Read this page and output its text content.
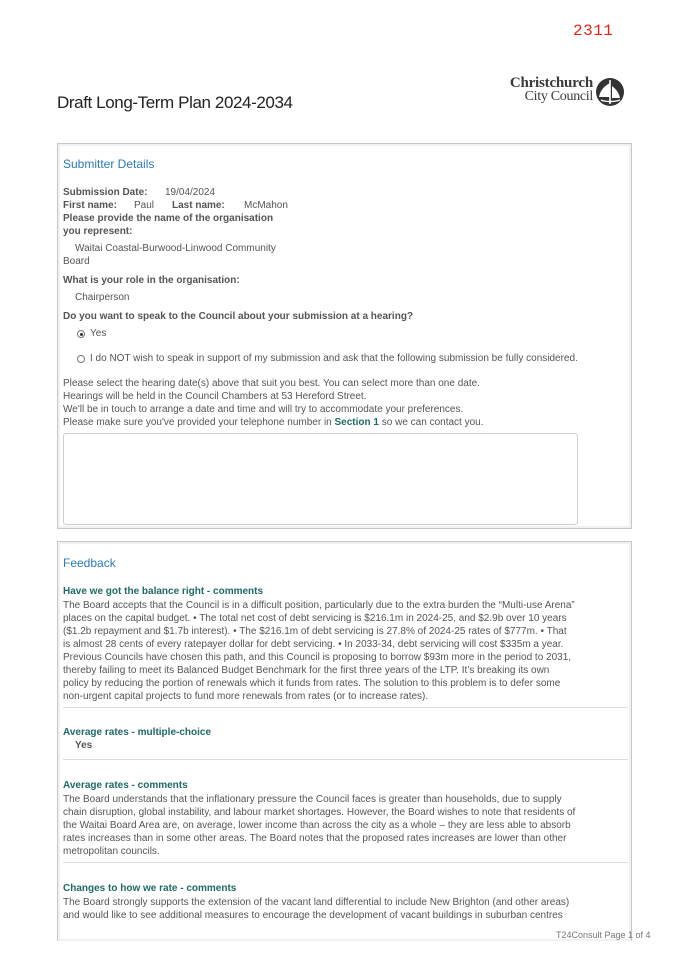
2311
Christchurch
City Council
Draft Long-Term Plan 2024-2034
Submitter Details
Submission Date: 19/04/2024
First name: Paul Last name: McMahon
Please provide the name of the organisation
you represent:
Waitai Coastal-Burwood-Linwood Community
Board
What is your role in the organisation:
Chairperson
Do you want to speak to the Council about your submission at a hearing?
Yes
I do NOT wish to speak in support of my submission and ask that the following submission be fully considered.
Please select the hearing date(s) above that suit you best. You can select more than one date.
Hearings will be held in the Council Chambers at 53 Hereford Street.
We'll be in touch to arrange a date and time and will try to accommodate your preferences.
Please make sure you've provided your telephone number in Section 1 so we can contact you.
Feedback
Have we got the balance right - comments
The Board accepts that the Council is in a difficult position, particularly due to the extra burden the “Multi-use Arena”
places on the capital budget. • The total net cost of debt servicing is $216.1m in 2024-25, and $2.9b over 10 years
($1.2b repayment and $1.7b interest). • The $216.1m of debt servicing is 27.8% of 2024-25 rates of $777m. • That
is almost 28 cents of every ratepayer dollar for debt servicing. • In 2033-34, debt servicing will cost $335m a year.
Previous Councils have chosen this path, and this Council is proposing to borrow $93m more in the period to 2031,
thereby failing to meet its Balanced Budget Benchmark for the first three years of the LTP. It’s breaking its own
policy by reducing the portion of renewals which it funds from rates. The solution to this problem is to defer some
non-urgent capital projects to fund more renewals from rates (or to increase rates).
Average rates - multiple-choice
Yes
Average rates - comments
The Board understands that the inflationary pressure the Council faces is greater than households, due to supply
chain disruption, global instability, and labour market shortages. However, the Board wishes to note that residents of
the Waitai Board Area are, on average, lower income than across the city as a whole – they are less able to absorb
rates increases than in some other areas. The Board notes that the proposed rates increases are lower than other
metropolitan councils.
Changes to how we rate - comments
The Board strongly supports the extension of the vacant land differential to include New Brighton (and other areas)
and would like to see additional measures to encourage the development of vacant buildings in suburban centres
T24Consult Page 1 of 4
